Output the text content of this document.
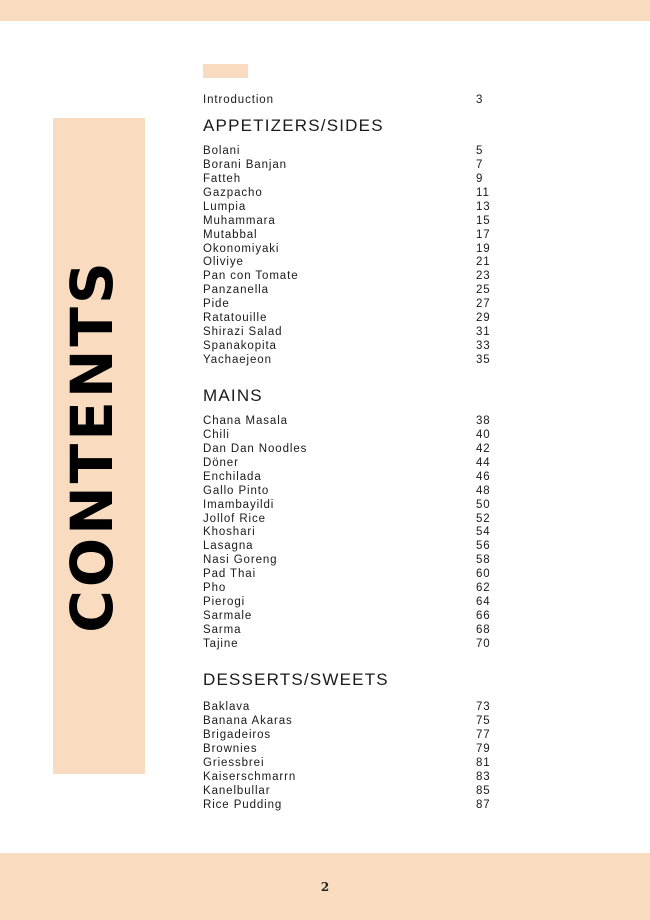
CONTENTS
Introduction	3
APPETIZERS/SIDES
Bolani	5
Borani Banjan	7
Fatteh	9
Gazpacho	11
Lumpia	13
Muhammara	15
Mutabbal	17
Okonomiyaki	19
Oliviye	21
Pan con Tomate	23
Panzanella	25
Pide	27
Ratatouille	29
Shirazi Salad	31
Spanakopita	33
Yachaejeon	35
MAINS
Chana Masala	38
Chili	40
Dan Dan Noodles	42
Döner	44
Enchilada	46
Gallo Pinto	48
Imambayildi	50
Jollof Rice	52
Khoshari	54
Lasagna	56
Nasi Goreng	58
Pad Thai	60
Pho	62
Pierogi	64
Sarmale	66
Sarma	68
Tajine	70
DESSERTS/SWEETS
Baklava	73
Banana Akaras	75
Brigadeiros	77
Brownies	79
Griessbrei	81
Kaiserschmarrn	83
Kanelbullar	85
Rice Pudding	87
2
